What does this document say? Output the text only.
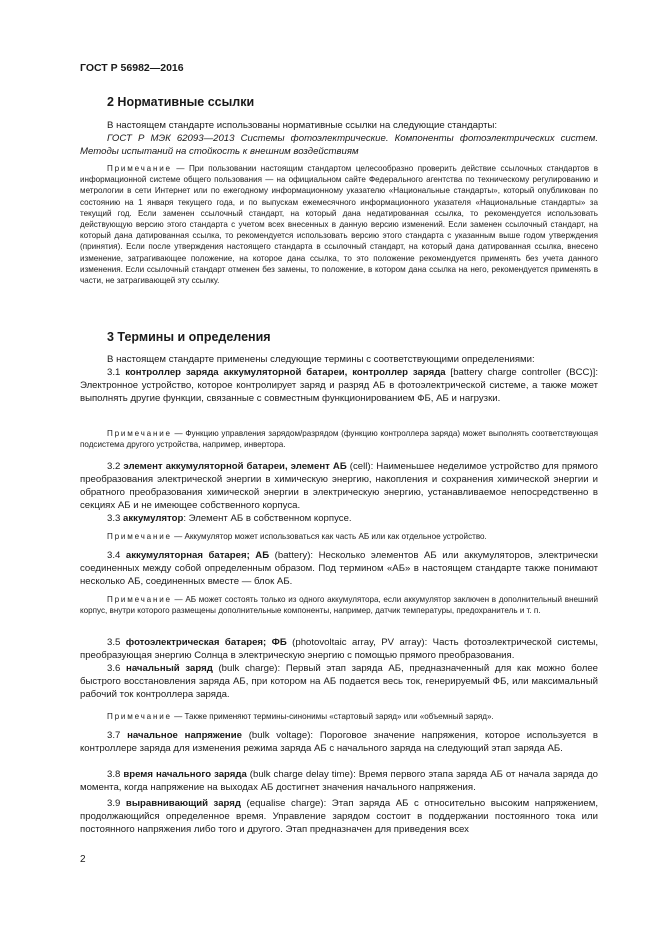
ГОСТ Р 56982—2016
2 Нормативные ссылки

В настоящем стандарте использованы нормативные ссылки на следующие стандарты:

ГОСТ Р МЭК 62093—2013 Системы фотоэлектрические. Компоненты фотоэлектрических систем. Методы испытаний на стойкость к внешним воздействиям

Примечание — При пользовании настоящим стандартом целесообразно проверить действие ссылочных стандартов в информационной системе общего пользования — на официальном сайте Федерального агентства по техническому регулированию и метрологии в сети Интернет или по ежегодному информационному указателю «Национальные стандарты», который опубликован по состоянию на 1 января текущего года, и по выпускам ежемесячного информационного указателя «Национальные стандарты» за текущий год. Если заменен ссылочный стандарт, на который дана недатированная ссылка, то рекомендуется использовать действующую версию этого стандарта с учетом всех внесенных в данную версию изменений. Если заменен ссылочный стандарт, на который дана датированная ссылка, то рекомендуется использовать версию этого стандарта с указанным выше годом утверждения (принятия). Если после утверждения настоящего стандарта в ссылочный стандарт, на который дана датированная ссылка, внесено изменение, затрагивающее положение, на которое дана ссылка, то это положение рекомендуется применять без учета данного изменения. Если ссылочный стандарт отменен без замены, то положение, в котором дана ссылка на него, рекомендуется применять в части, не затрагивающей эту ссылку.

3 Термины и определения

В настоящем стандарте применены следующие термины с соответствующими определениями:

3.1 контроллер заряда аккумуляторной батареи, контроллер заряда [battery charge controller (BCC)]: Электронное устройство, которое контролирует заряд и разряд АБ в фотоэлектрической системе, а также может выполнять другие функции, связанные с совместным функционированием ФБ, АБ и нагрузки.

Примечание — Функцию управления зарядом/разрядом (функцию контроллера заряда) может выполнять соответствующая подсистема другого устройства, например, инвертора.

3.2 элемент аккумуляторной батареи, элемент АБ (cell): Наименьшее неделимое устройство для прямого преобразования электрической энергии в химическую энергию, накопления и сохранения химической энергии и обратного преобразования химической энергии в электрическую энергию, устанавливаемое непосредственно в секциях АБ и не имеющее собственного корпуса.

3.3 аккумулятор: Элемент АБ в собственном корпусе.

Примечание — Аккумулятор может использоваться как часть АБ или как отдельное устройство.

3.4 аккумуляторная батарея; АБ (battery): Несколько элементов АБ или аккумуляторов, электрически соединенных между собой определенным образом. Под термином «АБ» в настоящем стандарте также понимают несколько АБ, соединенных вместе — блок АБ.

Примечание — АБ может состоять только из одного аккумулятора, если аккумулятор заключен в дополнительный внешний корпус, внутри которого размещены дополнительные компоненты, например, датчик температуры, предохранитель и т. п.

3.5 фотоэлектрическая батарея; ФБ (photovoltaic array, PV array): Часть фотоэлектрической системы, преобразующая энергию Солнца в электрическую энергию с помощью прямого преобразования.

3.6 начальный заряд (bulk charge): Первый этап заряда АБ, предназначенный для как можно более быстрого восстановления заряда АБ, при котором на АБ подается весь ток, генерируемый ФБ, или максимальный рабочий ток контроллера заряда.

Примечание — Также применяют термины-синонимы «стартовый заряд» или «объемный заряд».

3.7 начальное напряжение (bulk voltage): Пороговое значение напряжения, которое используется в контроллере заряда для изменения режима заряда АБ с начального заряда на следующий этап заряда АБ.

3.8 время начального заряда (bulk charge delay time): Время первого этапа заряда АБ от начала заряда до момента, когда напряжение на выходах АБ достигнет значения начального напряжения.

3.9 выравнивающий заряд (equalise charge): Этап заряда АБ с относительно высоким напряжением, продолжающийся определенное время. Управление зарядом состоит в поддержании постоянного тока или постоянного напряжения либо того и другого. Этап предназначен для приведения всех

2
